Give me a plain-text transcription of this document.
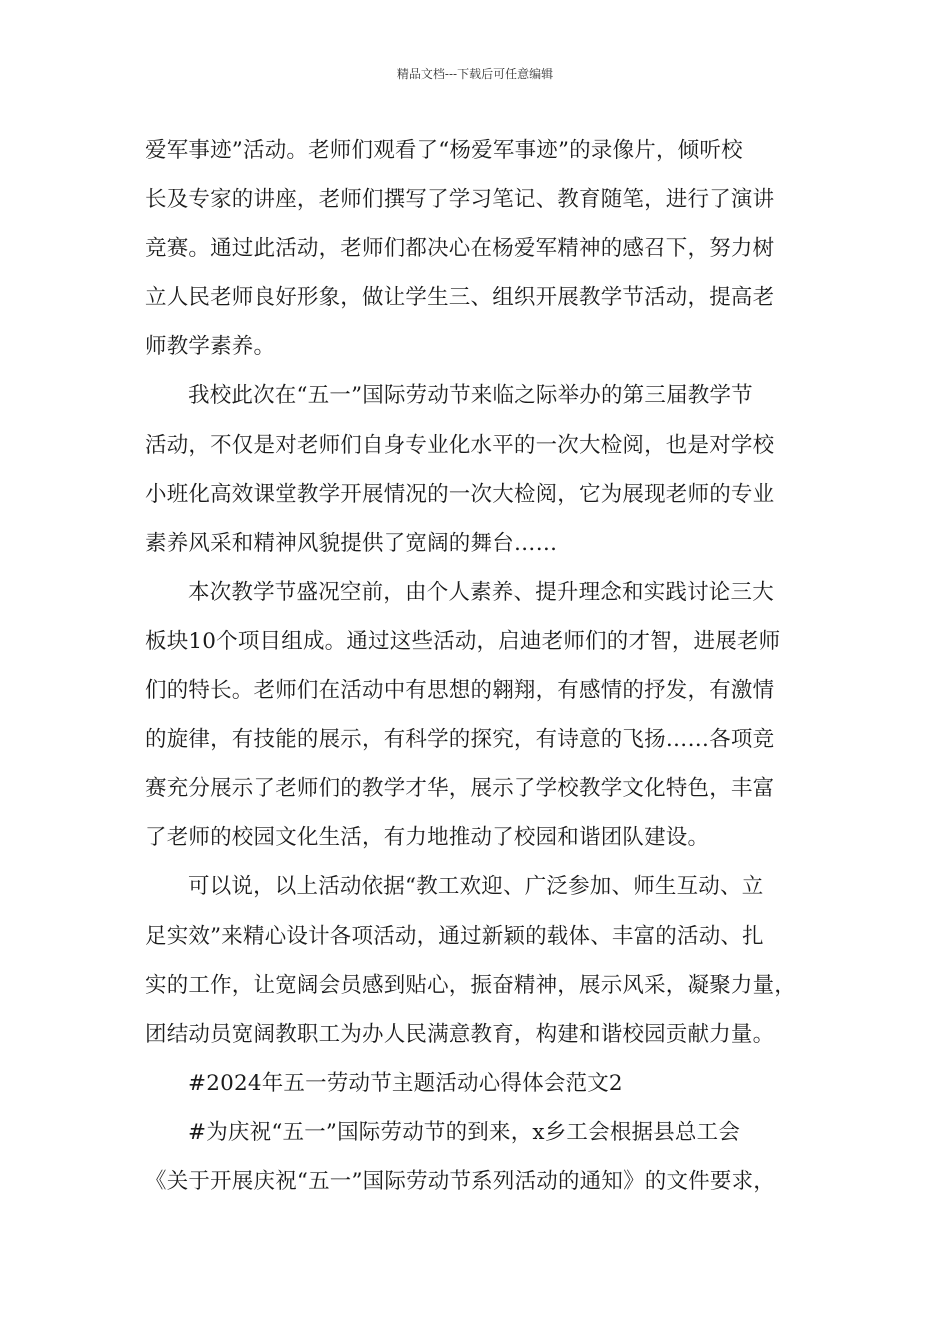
精品文档---下载后可任意编辑
爱军事迹”活动。老师们观看了“杨爱军事迹”的录像片，倾听校
长及专家的讲座，老师们撰写了学习笔记、教育随笔，进行了演讲
竞赛。通过此活动，老师们都决心在杨爱军精神的感召下，努力树
立人民老师良好形象，做让学生三、组织开展教学节活动，提高老
师教学素养。
我校此次在“五一”国际劳动节来临之际举办的第三届教学节
活动，不仅是对老师们自身专业化水平的一次大检阅，也是对学校
小班化高效课堂教学开展情况的一次大检阅，它为展现老师的专业
素养风采和精神风貌提供了宽阔的舞台……
本次教学节盛况空前，由个人素养、提升理念和实践讨论三大
板块10个项目组成。通过这些活动，启迪老师们的才智，进展老师
们的特长。老师们在活动中有思想的翱翔，有感情的抒发，有激情
的旋律，有技能的展示，有科学的探究，有诗意的飞扬……各项竞
赛充分展示了老师们的教学才华，展示了学校教学文化特色，丰富
了老师的校园文化生活，有力地推动了校园和谐团队建设。
可以说，以上活动依据“教工欢迎、广泛参加、师生互动、立
足实效”来精心设计各项活动，通过新颖的载体、丰富的活动、扎
实的工作，让宽阔会员感到贴心，振奋精神，展示风采，凝聚力量，
团结动员宽阔教职工为办人民满意教育，构建和谐校园贡献力量。
#2024年五一劳动节主题活动心得体会范文2
#为庆祝“五一”国际劳动节的到来，x乡工会根据县总工会
《关于开展庆祝“五一”国际劳动节系列活动的通知》的文件要求，
